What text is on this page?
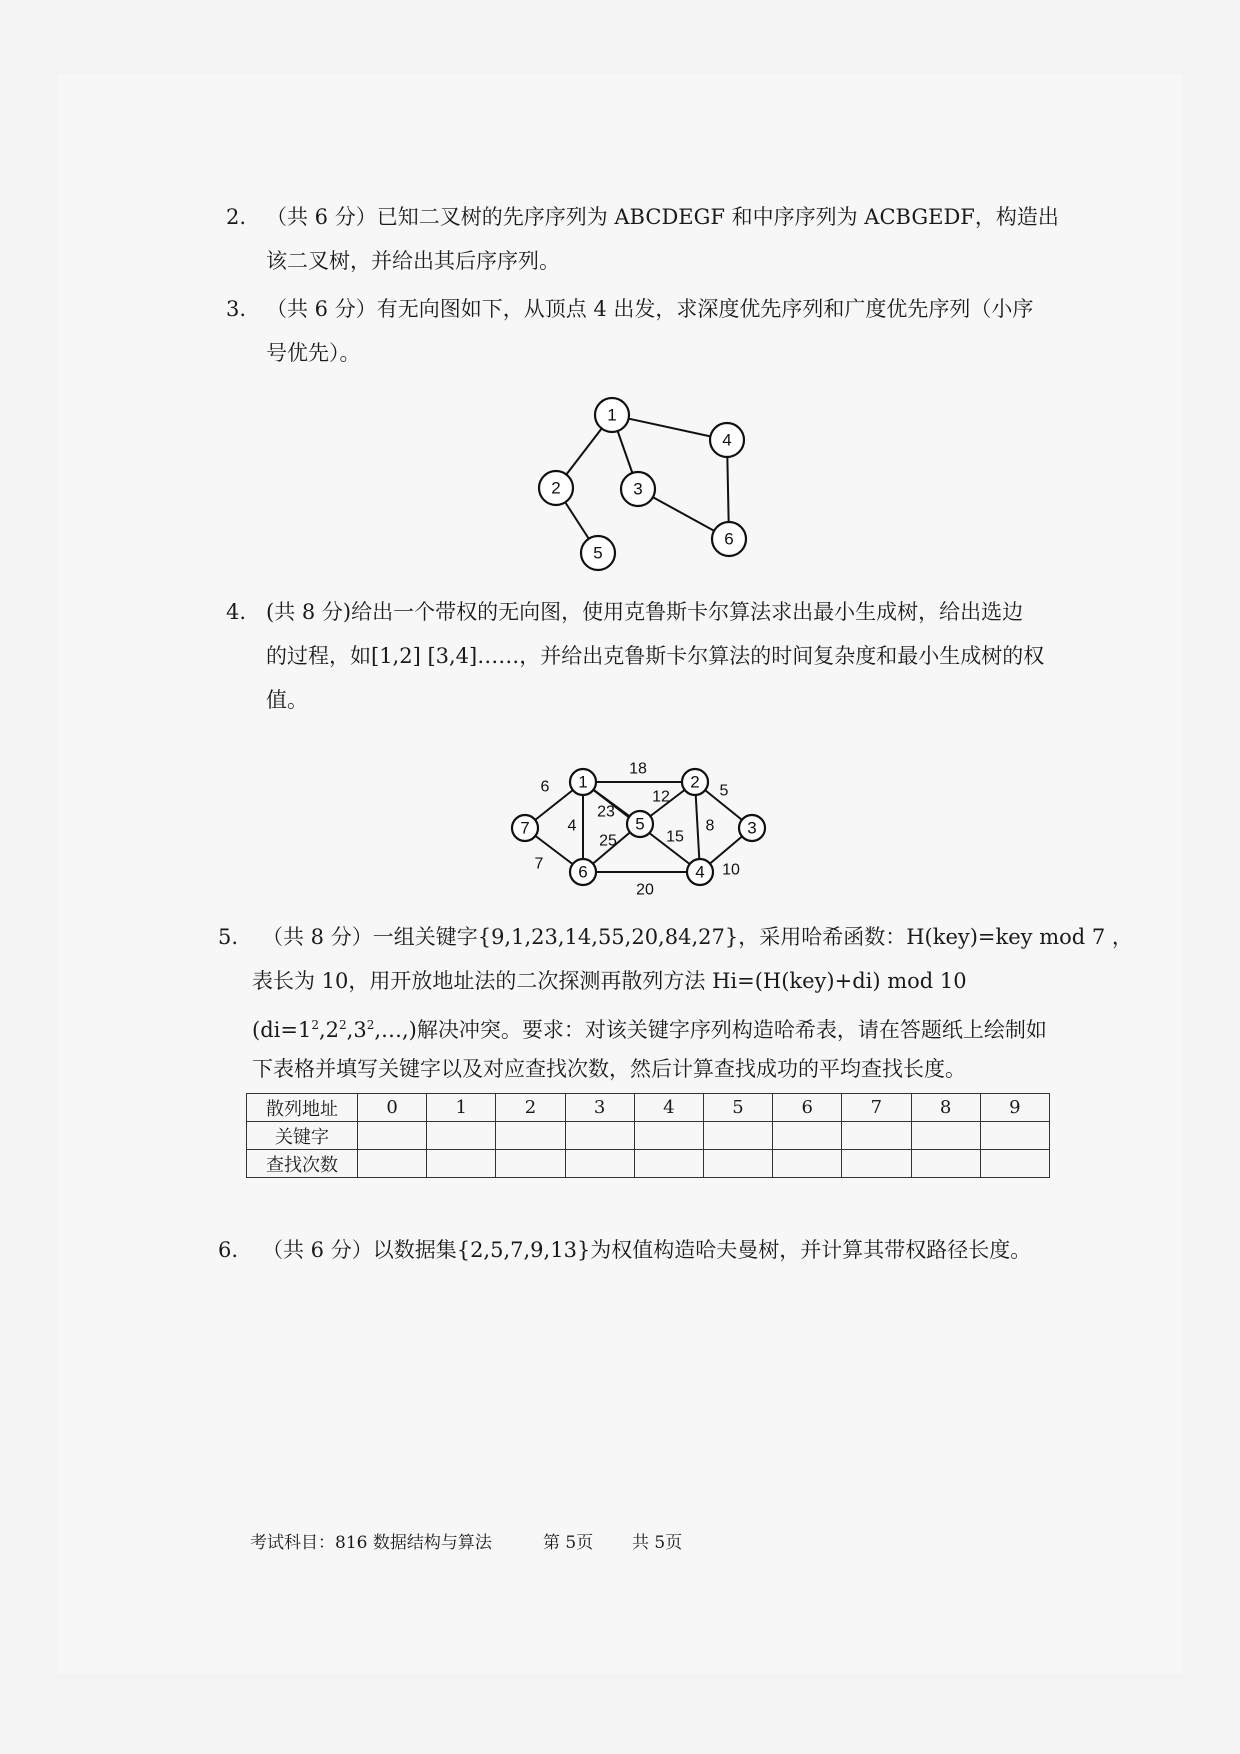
2. （共 6 分）已知二叉树的先序序列为 ABCDEGF 和中序序列为 ACBGEDF，构造出
该二叉树，并给出其后序序列。
3. （共 6 分）有无向图如下，从顶点 4 出发，求深度优先序列和广度优先序列（小序
号优先）。
1
2	3
4
5
6
4. (共 8 分)给出一个带权的无向图，使用克鲁斯卡尔算法求出最小生成树，给出选边
的过程，如[1,2] [3,4]……，并给出克鲁斯卡尔算法的时间复杂度和最小生成树的权
值。
18
6
12	5
23
4
25	15
8
7
20
10
1	2
3
4
5
6
7
5. （共 8 分）一组关键字{9,1,23,14,55,20,84,27}，采用哈希函数：H(key)=key mod 7 ，
表长为 10，用开放地址法的二次探测再散列方法 Hi=(H(key)+di) mod 10
$(di=1^2,2^2,3^2,\dots,)$解决冲突。要求：对该关键字序列构造哈希表，请在答题纸上绘制如
下表格并填写关键字以及对应查找次数，然后计算查找成功的平均查找长度。
散列地址	0	1	2	3	4	5	6	7	8	9
关键字										
查找次数										
6. （共 6 分）以数据集{2,5,7,9,13}为权值构造哈夫曼树，并计算其带权路径长度。
考试科目：816 数据结构与算法	第 5页 共 5页
